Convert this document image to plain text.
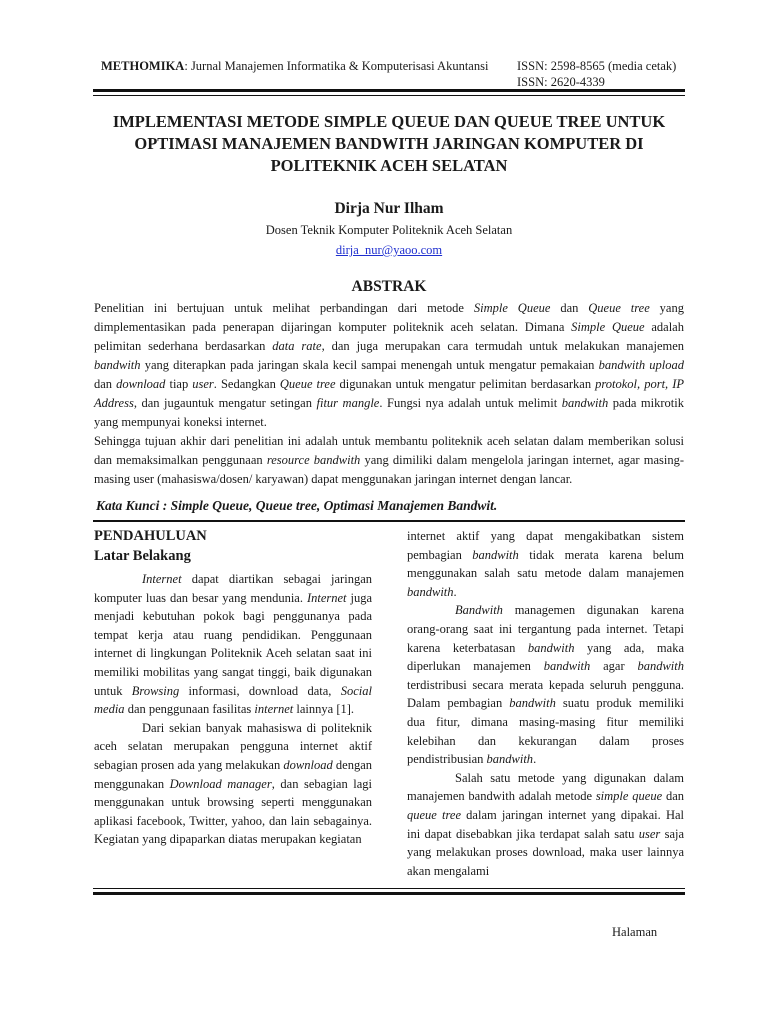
METHOMIKA: Jurnal Manajemen Informatika & Komputerisasi Akuntansi ISSN: 2598-8565 (media cetak) ISSN: 2620-4339
IMPLEMENTASI METODE SIMPLE QUEUE DAN QUEUE TREE UNTUK OPTIMASI MANAJEMEN BANDWITH JARINGAN KOMPUTER DI POLITEKNIK ACEH SELATAN
Dirja Nur Ilham
Dosen Teknik Komputer Politeknik Aceh Selatan
dirja_nur@yaoo.com
ABSTRAK

Penelitian ini bertujuan untuk melihat perbandingan dari metode Simple Queue dan Queue tree yang dimplementasikan pada penerapan dijaringan komputer politeknik aceh selatan. Dimana Simple Queue adalah pelimitan sederhana berdasarkan data rate, dan juga merupakan cara termudah untuk melakukan manajemen bandwith yang diterapkan pada jaringan skala kecil sampai menengah untuk mengatur pemakaian bandwith upload dan download tiap user. Sedangkan Queue tree digunakan untuk mengatur pelimitan berdasarkan protokol, port, IP Address, dan jugauntuk mengatur setingan fitur mangle. Fungsi nya adalah untuk melimit bandwith pada mikrotik yang mempunyai koneksi internet.

Sehingga tujuan akhir dari penelitian ini adalah untuk membantu politeknik aceh selatan dalam memberikan solusi dan memaksimalkan penggunaan resource bandwith yang dimiliki dalam mengelola jaringan internet, agar masing-masing user (mahasiswa/dosen/ karyawan) dapat menggunakan jaringan internet dengan lancar.

Kata Kunci : Simple Queue, Queue tree, Optimasi Manajemen Bandwit.

PENDAHULUAN

Latar Belakang

Internet dapat diartikan sebagai jaringan komputer luas dan besar yang mendunia. Internet juga menjadi kebutuhan pokok bagi penggunanya pada tempat kerja atau ruang pendidikan. Penggunaan internet di lingkungan Politeknik Aceh selatan saat ini memiliki mobilitas yang sangat tinggi, baik digunakan untuk Browsing informasi, download data, Social media dan penggunaan fasilitas internet lainnya [1].

Dari sekian banyak mahasiswa di politeknik aceh selatan merupakan pengguna internet aktif sebagian prosen ada yang melakukan download dengan menggunakan Download manager, dan sebagian lagi menggunakan untuk browsing seperti menggunakan aplikasi facebook, Twitter, yahoo, dan lain sebagainya. Kegiatan yang dipaparkan diatas merupakan kegiatan

internet aktif yang dapat mengakibatkan sistem pembagian bandwith tidak merata karena belum menggunakan salah satu metode dalam manajemen bandwith.

Bandwith managemen digunakan karena orang-orang saat ini tergantung pada internet. Tetapi karena keterbatasan bandwith yang ada, maka diperlukan manajemen bandwith agar bandwith terdistribusi secara merata kepada seluruh pengguna. Dalam pembagian bandwith suatu produk memiliki dua fitur, dimana masing-masing fitur memiliki kelebihan dan kekurangan dalam proses pendistribusian bandwith.

Salah satu metode yang digunakan dalam manajemen bandwith adalah metode simple queue dan queue tree dalam jaringan internet yang dipakai. Hal ini dapat disebabkan jika terdapat salah satu user saja yang melakukan proses download, maka user lainnya akan mengalami

Halaman
